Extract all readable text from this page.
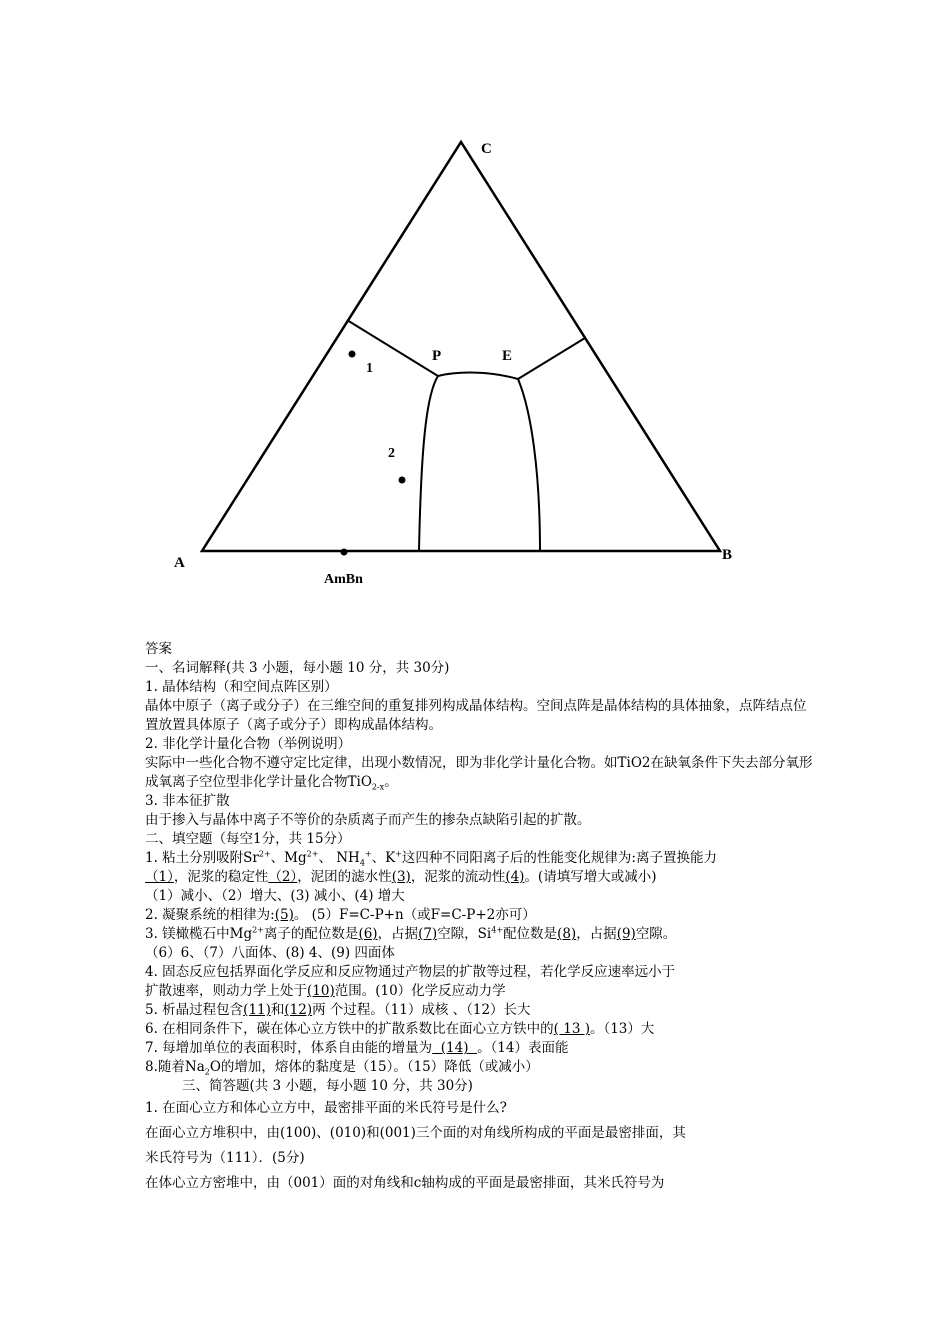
A	B
C
P	E
1
2
AmBn

答案

一、名词解释(共 3 小题，每小题 10 分，共 30分)

1. 晶体结构（和空间点阵区别）

晶体中原子（离子或分子）在三维空间的重复排列构成晶体结构。空间点阵是晶体结构的具体抽象，点阵结点位置放置具体原子（离子或分子）即构成晶体结构。

2. 非化学计量化合物（举例说明）

实际中一些化合物不遵守定比定律，出现小数情况，即为非化学计量化合物。如TiO2在缺氧条件下失去部分氧形成氧离子空位型非化学计量化合物TiO$_{2-x}$。

3. 非本征扩散

由于掺入与晶体中离子不等价的杂质离子而产生的掺杂点缺陷引起的扩散。

二、填空题（每空1分，共 15分）

1. 粘土分别吸附$Sr^{2+}$、$Mg^{2+}$、 $NH_4^+$、K+这四种不同阳离子后的性能变化规律为:离子置换能力

（1），泥浆的稳定性（2），泥团的滤水性(3)，泥浆的流动性(4)。(请填写增大或减小)

（1）减小、（2）增大、(3) 减小、(4) 增大

2. 凝聚系统的相律为:(5)。 (5）F=C-P+n（或F=C-P+2亦可）

3. 镁橄榄石中$Mg^{2+}$离子的配位数是(6)，占据(7)空隙，$Si^{4+}$配位数是(8)，占据(9)空隙。

（6）6、（7）八面体、(8) 4、(9) 四面体

4. 固态反应包括界面化学反应和反应物通过产物层的扩散等过程，若化学反应速率远小于

扩散速率，则动力学上处于(10)范围。(10）化学反应动力学

5. 析晶过程包含(11)和(12)两 个过程。（11）成核 、（12）长大

6. 在相同条件下，碳在体心立方铁中的扩散系数比在面心立方铁中的( 13 )。（13）大

7. 每增加单位的表面积时，体系自由能的增量为  (14)  。（14）表面能

8.随着$Na_2O$的增加，熔体的黏度是（15）。（15）降低（或减小）

三、简答题(共 3 小题，每小题 10 分，共 30分)

1. 在面心立方和体心立方中，最密排平面的米氏符号是什么?

在面心立方堆积中，由(100)、(010)和(001)三个面的对角线所构成的平面是最密排面，其

米氏符号为（111）．(5分)

在体心立方密堆中，由（001）面的对角线和c轴构成的平面是最密排面，其米氏符号为
